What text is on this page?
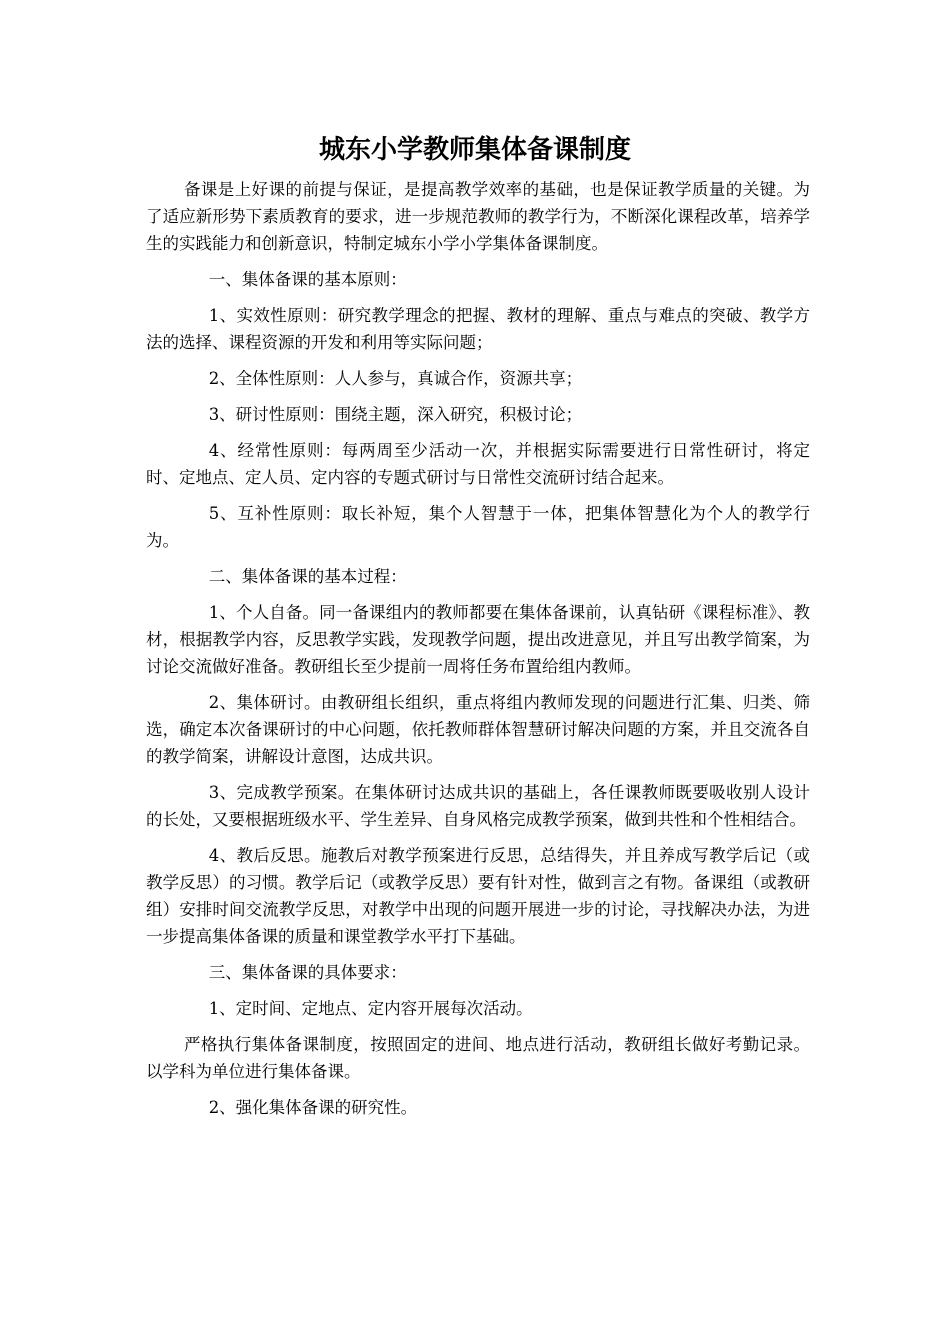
城东小学教师集体备课制度

备课是上好课的前提与保证，是提高教学效率的基础，也是保证教学质量的关键。为了适应新形势下素质教育的要求，进一步规范教师的教学行为，不断深化课程改革，培养学生的实践能力和创新意识，特制定城东小学小学集体备课制度。

一、集体备课的基本原则：

1、实效性原则：研究教学理念的把握、教材的理解、重点与难点的突破、教学方法的选择、课程资源的开发和利用等实际问题；

2、全体性原则：人人参与，真诚合作，资源共享；

3、研讨性原则：围绕主题，深入研究，积极讨论；

4、经常性原则：每两周至少活动一次，并根据实际需要进行日常性研讨，将定时、定地点、定人员、定内容的专题式研讨与日常性交流研讨结合起来。

5、互补性原则：取长补短，集个人智慧于一体，把集体智慧化为个人的教学行为。

二、集体备课的基本过程：

1、个人自备。同一备课组内的教师都要在集体备课前，认真钻研《课程标准》、教材，根据教学内容，反思教学实践，发现教学问题，提出改进意见，并且写出教学简案，为讨论交流做好准备。教研组长至少提前一周将任务布置给组内教师。

2、集体研讨。由教研组长组织，重点将组内教师发现的问题进行汇集、归类、筛选，确定本次备课研讨的中心问题，依托教师群体智慧研讨解决问题的方案，并且交流各自的教学简案，讲解设计意图，达成共识。

3、完成教学预案。在集体研讨达成共识的基础上，各任课教师既要吸收别人设计的长处，又要根据班级水平、学生差异、自身风格完成教学预案，做到共性和个性相结合。

4、教后反思。施教后对教学预案进行反思，总结得失，并且养成写教学后记（或教学反思）的习惯。教学后记（或教学反思）要有针对性，做到言之有物。备课组（或教研组）安排时间交流教学反思，对教学中出现的问题开展进一步的讨论，寻找解决办法，为进一步提高集体备课的质量和课堂教学水平打下基础。

三、集体备课的具体要求：

1、定时间、定地点、定内容开展每次活动。

严格执行集体备课制度，按照固定的进间、地点进行活动，教研组长做好考勤记录。以学科为单位进行集体备课。

2、强化集体备课的研究性。
